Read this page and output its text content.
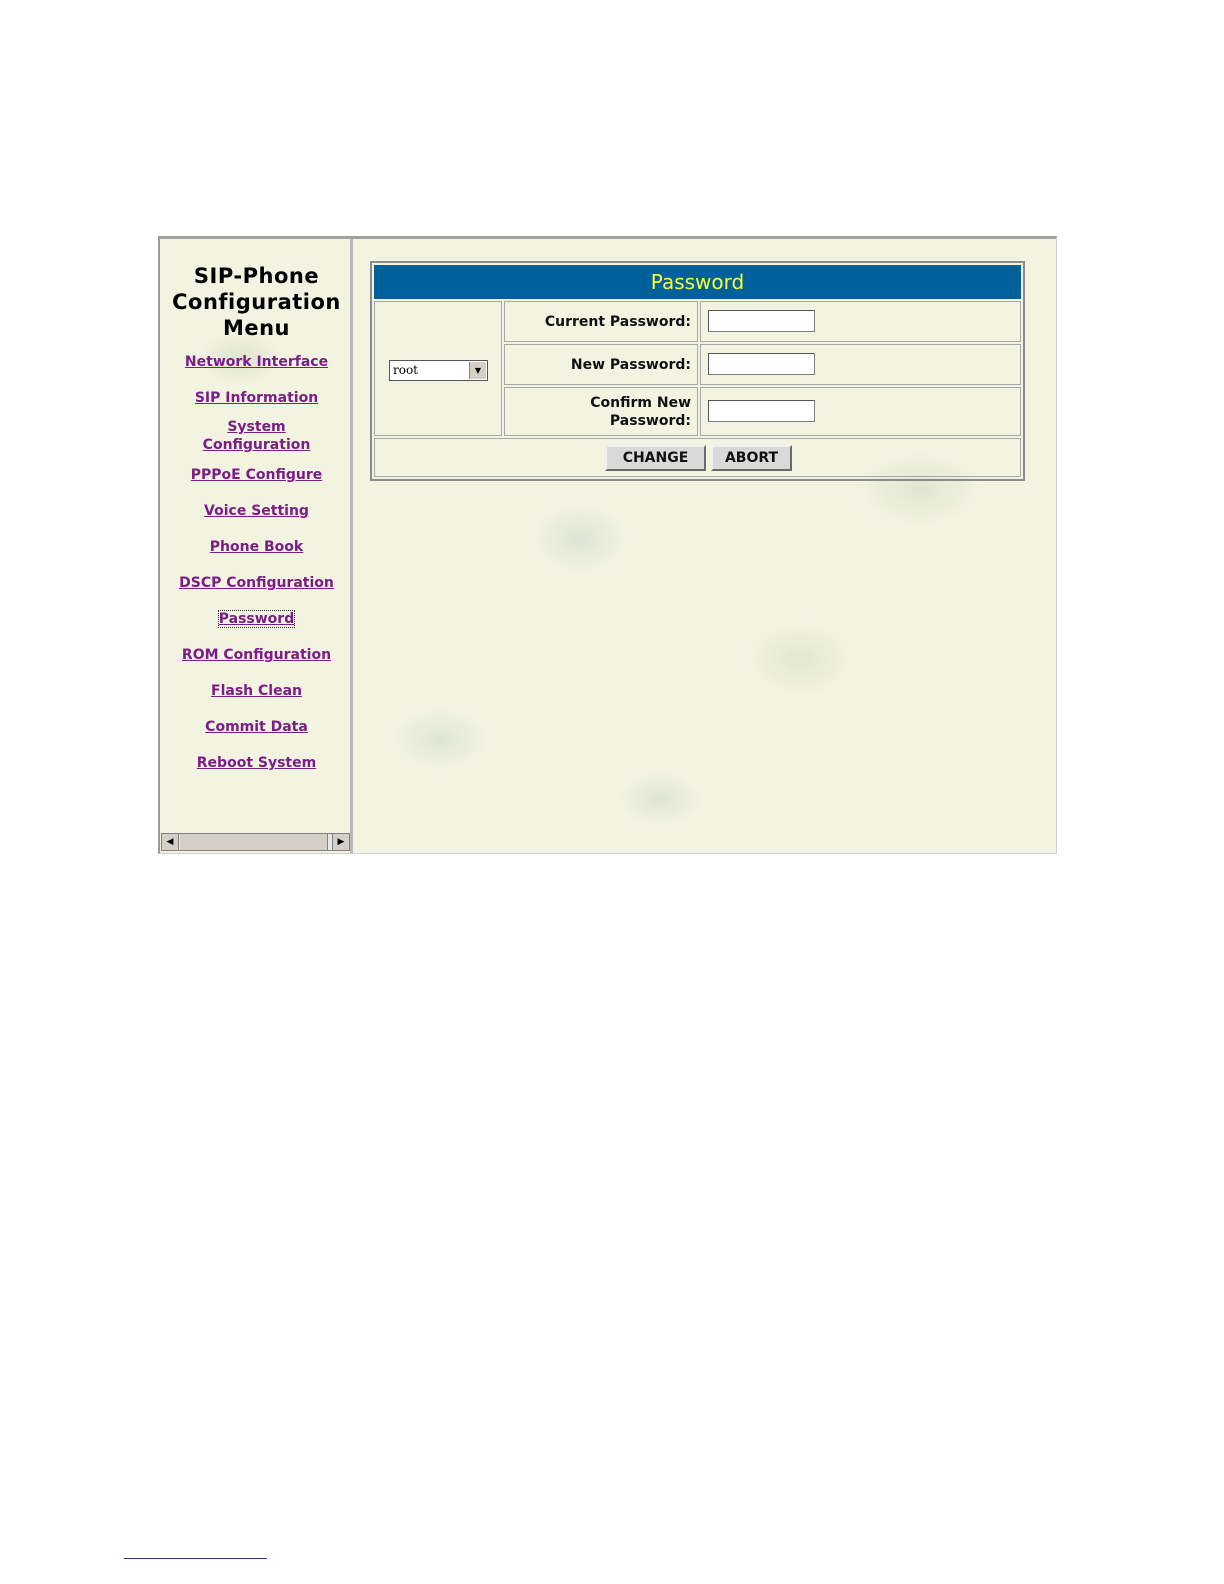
SIP-Phone
Configuration
Menu
Network Interface
SIP Information
System
Configuration
PPPoE Configure
Voice Setting
Phone Book
DSCP Configuration
Password
ROM Configuration
Flash Clean
Commit Data
Reboot System
◀	▶
Password
root	▼
Current Password:
New Password:
Confirm New
Password:
CHANGE	ABORT
